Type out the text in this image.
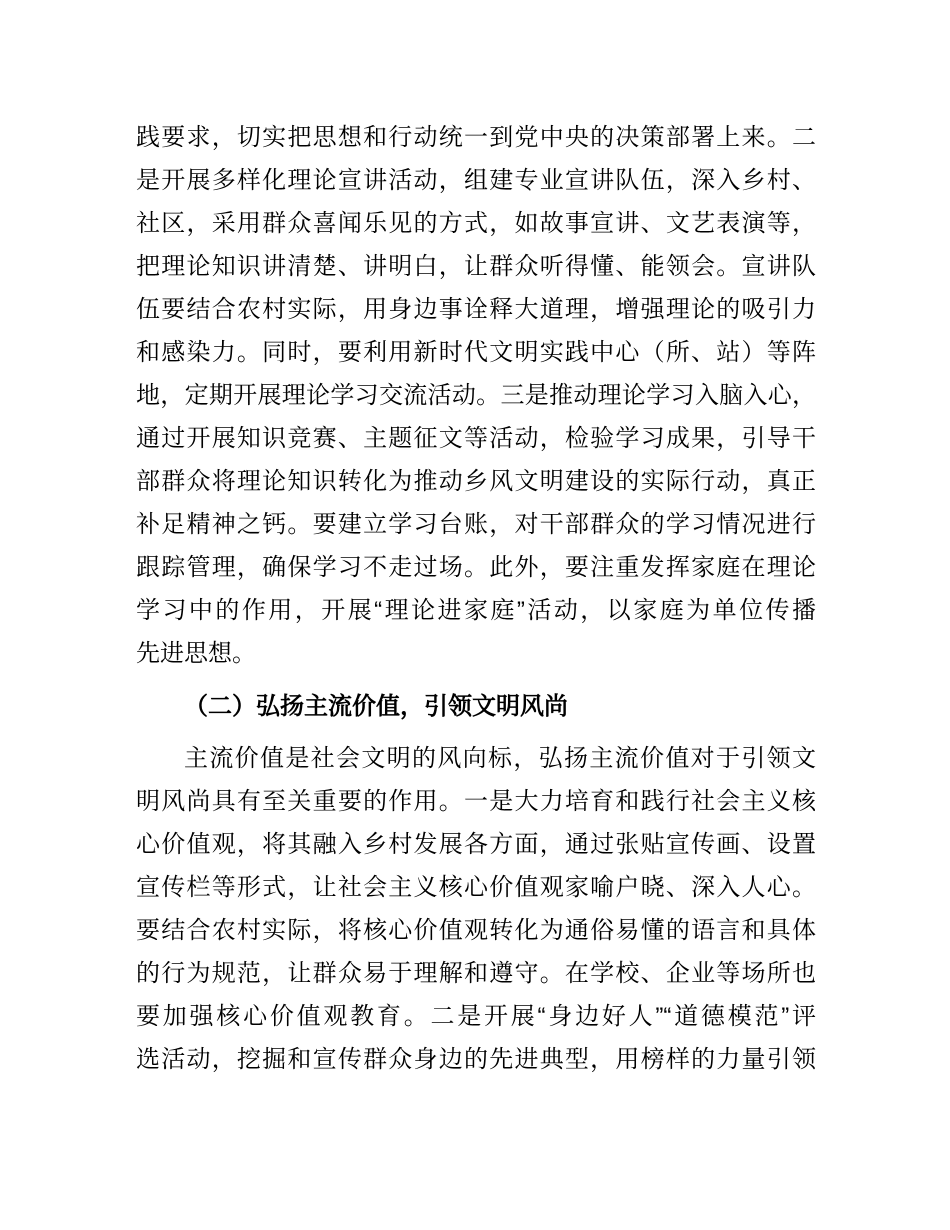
践要求，切实把思想和行动统一到党中央的决策部署上来。二
是开展多样化理论宣讲活动，组建专业宣讲队伍，深入乡村、
社区，采用群众喜闻乐见的方式，如故事宣讲、文艺表演等，
把理论知识讲清楚、讲明白，让群众听得懂、能领会。宣讲队
伍要结合农村实际，用身边事诠释大道理，增强理论的吸引力
和感染力。同时，要利用新时代文明实践中心（所、站）等阵
地，定期开展理论学习交流活动。三是推动理论学习入脑入心，
通过开展知识竞赛、主题征文等活动，检验学习成果，引导干
部群众将理论知识转化为推动乡风文明建设的实际行动，真正
补足精神之钙。要建立学习台账，对干部群众的学习情况进行
跟踪管理，确保学习不走过场。此外，要注重发挥家庭在理论
学习中的作用，开展“理论进家庭”活动，以家庭为单位传播
先进思想。
（二）弘扬主流价值，引领文明风尚
主流价值是社会文明的风向标，弘扬主流价值对于引领文
明风尚具有至关重要的作用。一是大力培育和践行社会主义核
心价值观，将其融入乡村发展各方面，通过张贴宣传画、设置
宣传栏等形式，让社会主义核心价值观家喻户晓、深入人心。
要结合农村实际，将核心价值观转化为通俗易懂的语言和具体
的行为规范，让群众易于理解和遵守。在学校、企业等场所也
要加强核心价值观教育。二是开展“身边好人”“道德模范”评
选活动，挖掘和宣传群众身边的先进典型，用榜样的力量引领
